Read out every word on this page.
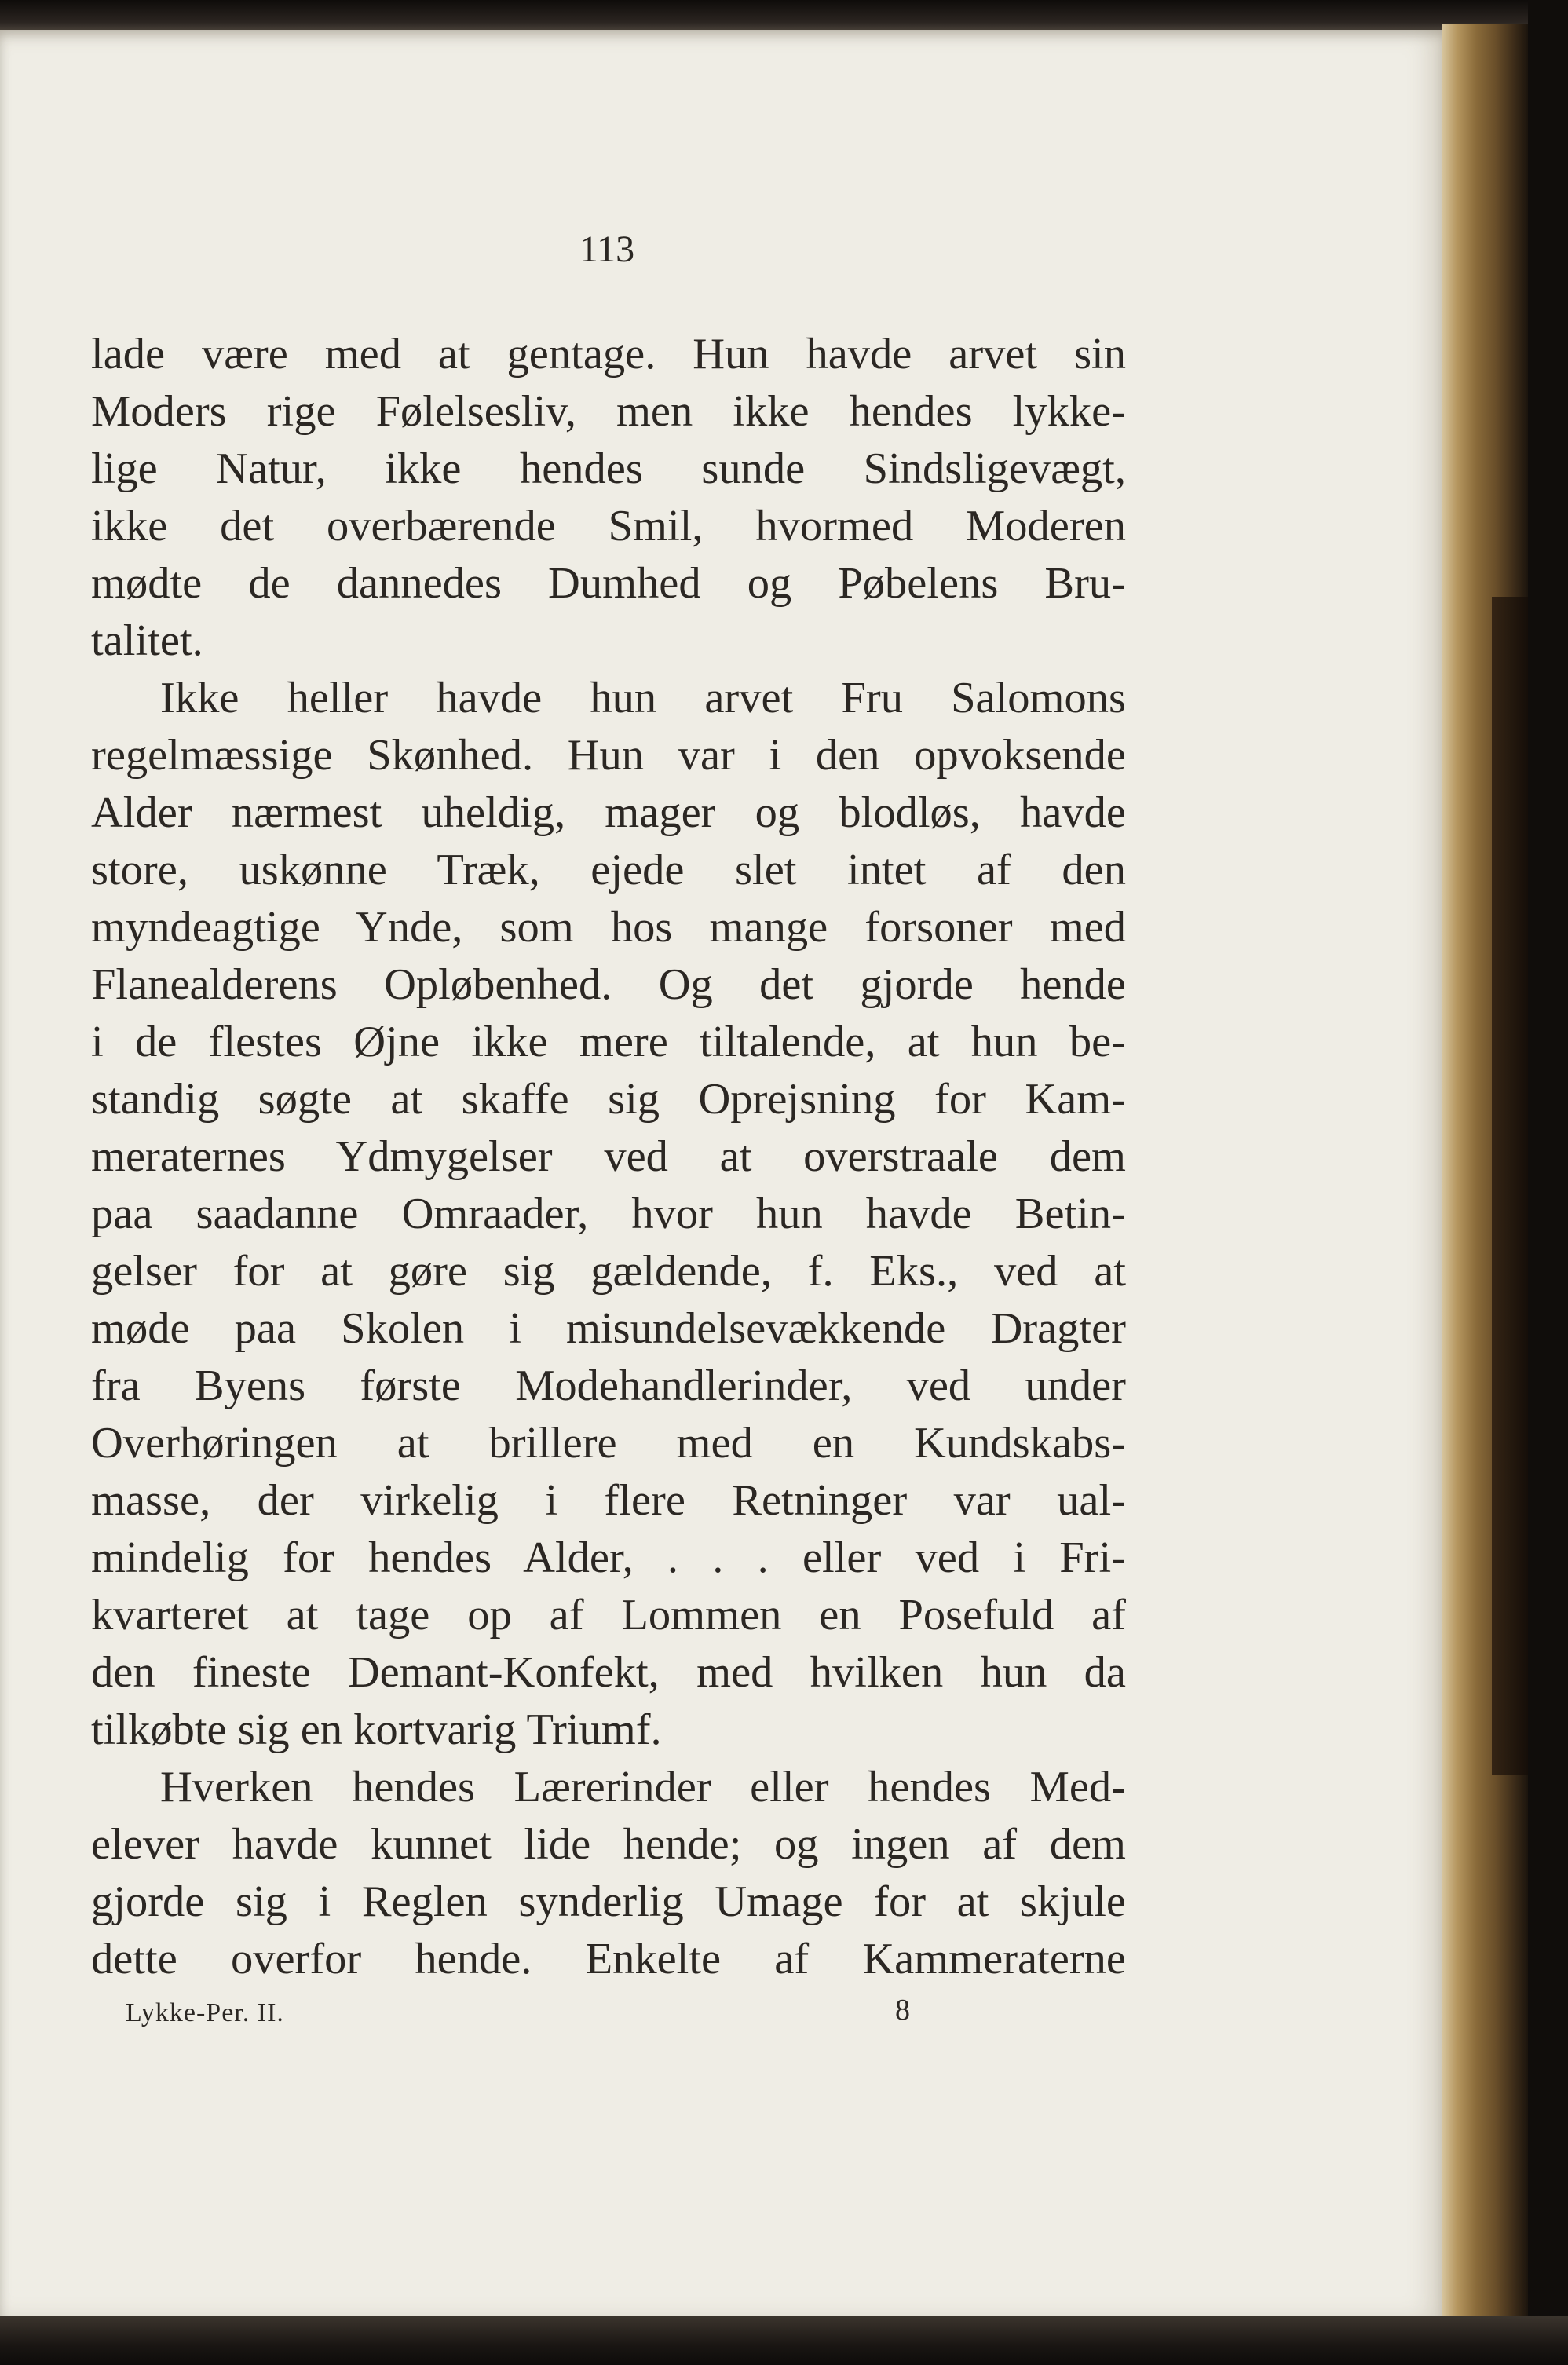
113
lade være med at gentage. Hun havde arvet sin
Moders rige Følelsesliv, men ikke hendes lykke-
lige Natur, ikke hendes sunde Sindsligevægt,
ikke det overbærende Smil, hvormed Moderen
mødte de dannedes Dumhed og Pøbelens Bru-
talitet.
Ikke heller havde hun arvet Fru Salomons
regelmæssige Skønhed. Hun var i den opvoksende
Alder nærmest uheldig, mager og blodløs, havde
store, uskønne Træk, ejede slet intet af den
myndeagtige Ynde, som hos mange forsoner med
Flanealderens Opløbenhed. Og det gjorde hende
i de flestes Øjne ikke mere tiltalende, at hun be-
standig søgte at skaffe sig Oprejsning for Kam-
meraternes Ydmygelser ved at overstraale dem
paa saadanne Omraader, hvor hun havde Betin-
gelser for at gøre sig gældende, f. Eks., ved at
møde paa Skolen i misundelsevækkende Dragter
fra Byens første Modehandlerinder, ved under
Overhøringen at brillere med en Kundskabs-
masse, der virkelig i flere Retninger var ual-
mindelig for hendes Alder, . . . eller ved i Fri-
kvarteret at tage op af Lommen en Posefuld af
den fineste Demant-Konfekt, med hvilken hun da
tilkøbte sig en kortvarig Triumf.
Hverken hendes Lærerinder eller hendes Med-
elever havde kunnet lide hende; og ingen af dem
gjorde sig i Reglen synderlig Umage for at skjule
dette overfor hende. Enkelte af Kammeraterne
Lykke-Per. II.	8
